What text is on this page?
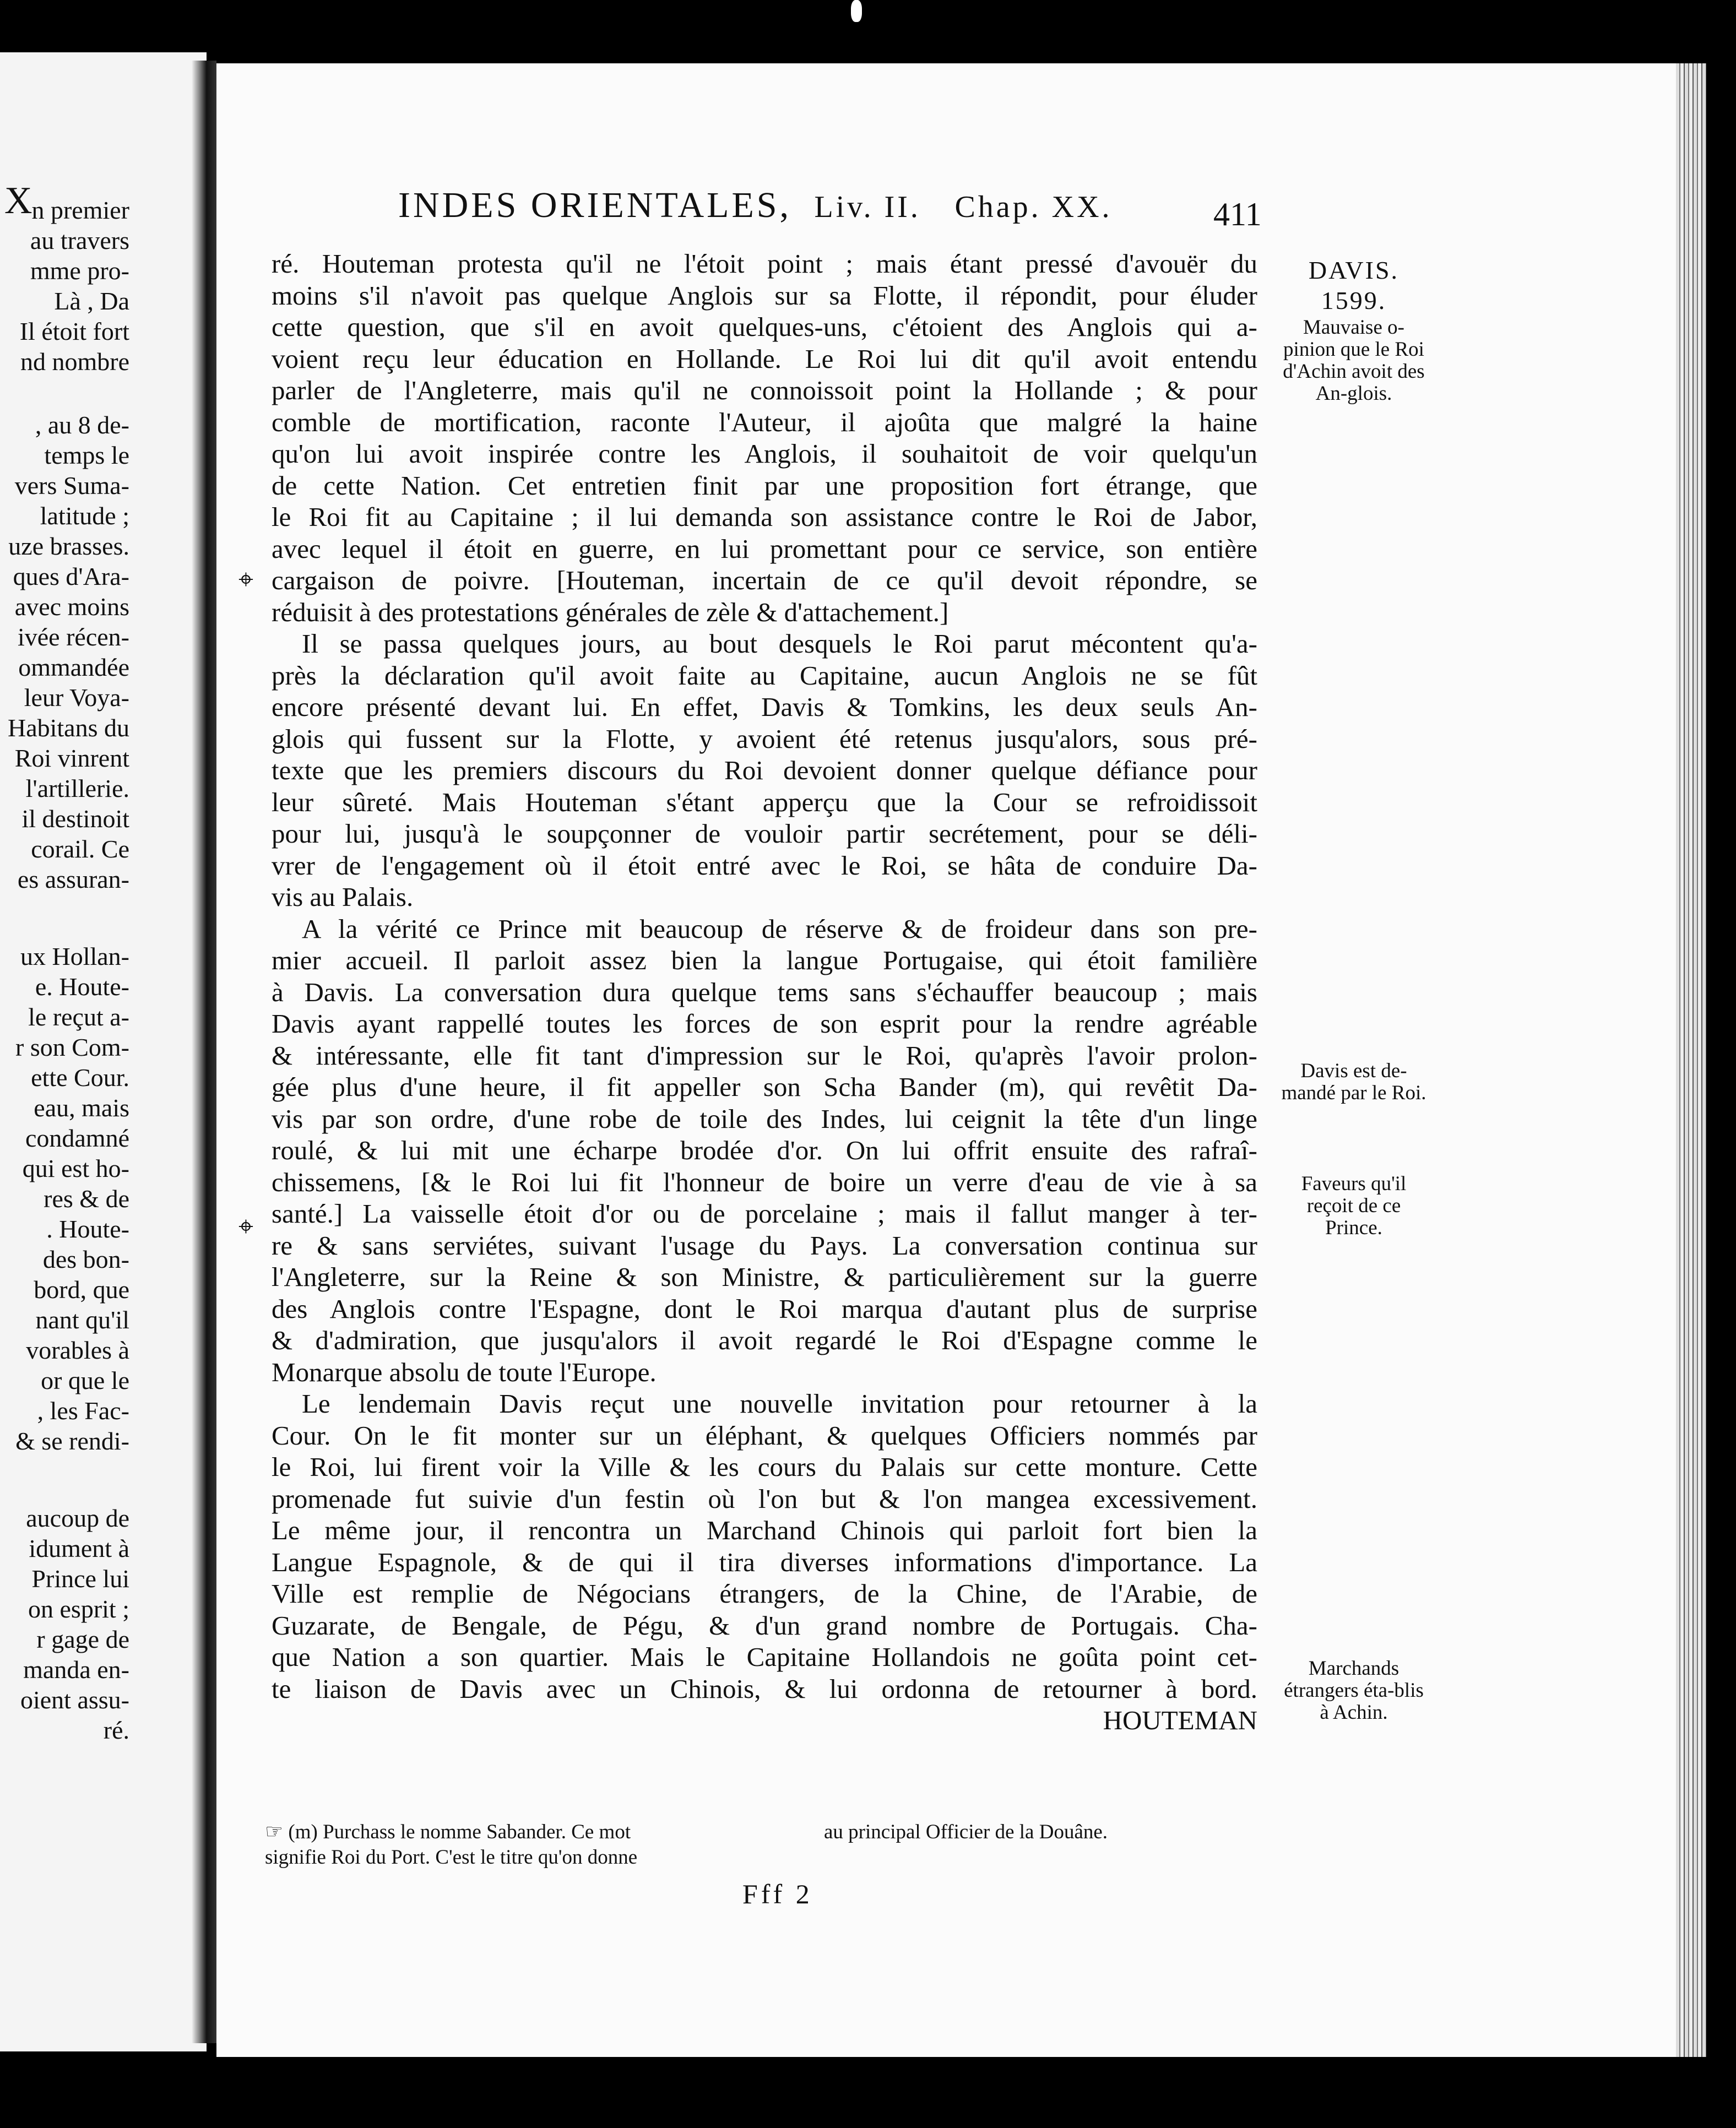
X
n premier
au travers
mme pro-
Là , Da
Il étoit fort
nd nombre
, au 8 de-
temps le
vers Suma-
latitude ;
uze brasses.
ques d'Ara-
avec moins
ivée récen-
ommandée
leur Voya-
Habitans du
Roi vinrent
l'artillerie.
il destinoit
corail. Ce
es assuran-
ux Hollan-
e. Houte-
le reçut a-
r son Com-
ette Cour.
eau, mais
condamné
qui est ho-
res & de
. Houte-
des bon-
bord, que
nant qu'il
vorables à
or que le
, les Fac-
& se rendi-
aucoup de
idument à
Prince lui
on esprit ;
r gage de
manda en-
oient assu-
ré.
INDES ORIENTALES, Liv. II. Chap. XX.	411
ré. Houteman protesta qu'il ne l'étoit point ; mais étant pressé d'avouër du
moins s'il n'avoit pas quelque Anglois sur sa Flotte, il répondit, pour éluder
cette question, que s'il en avoit quelques-uns, c'étoient des Anglois qui a-
voient reçu leur éducation en Hollande. Le Roi lui dit qu'il avoit entendu
parler de l'Angleterre, mais qu'il ne connoissoit point la Hollande ; & pour
comble de mortification, raconte l'Auteur, il ajoûta que malgré la haine
qu'on lui avoit inspirée contre les Anglois, il souhaitoit de voir quelqu'un
de cette Nation. Cet entretien finit par une proposition fort étrange, que
le Roi fit au Capitaine ; il lui demanda son assistance contre le Roi de Jabor,
avec lequel il étoit en guerre, en lui promettant pour ce service, son entière
cargaison de poivre. [Houteman, incertain de ce qu'il devoit répondre, se
réduisit à des protestations générales de zèle & d'attachement.]
Il se passa quelques jours, au bout desquels le Roi parut mécontent qu'a-
près la déclaration qu'il avoit faite au Capitaine, aucun Anglois ne se fût
encore présenté devant lui. En effet, Davis & Tomkins, les deux seuls An-
glois qui fussent sur la Flotte, y avoient été retenus jusqu'alors, sous pré-
texte que les premiers discours du Roi devoient donner quelque défiance pour
leur sûreté. Mais Houteman s'étant apperçu que la Cour se refroidissoit
pour lui, jusqu'à le soupçonner de vouloir partir secrétement, pour se déli-
vrer de l'engagement où il étoit entré avec le Roi, se hâta de conduire Da-
vis au Palais.
A la vérité ce Prince mit beaucoup de réserve & de froideur dans son pre-
mier accueil. Il parloit assez bien la langue Portugaise, qui étoit familière
à Davis. La conversation dura quelque tems sans s'échauffer beaucoup ; mais
Davis ayant rappellé toutes les forces de son esprit pour la rendre agréable
& intéressante, elle fit tant d'impression sur le Roi, qu'après l'avoir prolon-
gée plus d'une heure, il fit appeller son Scha Bander (m), qui revêtit Da-
vis par son ordre, d'une robe de toile des Indes, lui ceignit la tête d'un linge
roulé, & lui mit une écharpe brodée d'or. On lui offrit ensuite des rafraî-
chissemens, [& le Roi lui fit l'honneur de boire un verre d'eau de vie à sa
santé.] La vaisselle étoit d'or ou de porcelaine ; mais il fallut manger à ter-
re & sans serviétes, suivant l'usage du Pays. La conversation continua sur
l'Angleterre, sur la Reine & son Ministre, & particulièrement sur la guerre
des Anglois contre l'Espagne, dont le Roi marqua d'autant plus de surprise
& d'admiration, que jusqu'alors il avoit regardé le Roi d'Espagne comme le
Monarque absolu de toute l'Europe.
Le lendemain Davis reçut une nouvelle invitation pour retourner à la
Cour. On le fit monter sur un éléphant, & quelques Officiers nommés par
le Roi, lui firent voir la Ville & les cours du Palais sur cette monture. Cette
promenade fut suivie d'un festin où l'on but & l'on mangea excessivement.
Le même jour, il rencontra un Marchand Chinois qui parloit fort bien la
Langue Espagnole, & de qui il tira diverses informations d'importance. La
Ville est remplie de Négocians étrangers, de la Chine, de l'Arabie, de
Guzarate, de Bengale, de Pégu, & d'un grand nombre de Portugais. Cha-
que Nation a son quartier. Mais le Capitaine Hollandois ne goûta point cet-
te liaison de Davis avec un Chinois, & lui ordonna de retourner à bord.
HOUTEMAN
⌖
⌖
DAVIS.
1599.
Mauvaise o-pinion que le Roi d'Achin avoit des An-glois.
Davis est de-mandé par le Roi.
Faveurs qu'il reçoit de ce Prince.
Marchands étrangers éta-blis à Achin.
☞ (m) Purchass le nomme Sabander. Ce mot
signifie Roi du Port. C'est le titre qu'on donne
au principal Officier de la Douâne.
Fff 2
